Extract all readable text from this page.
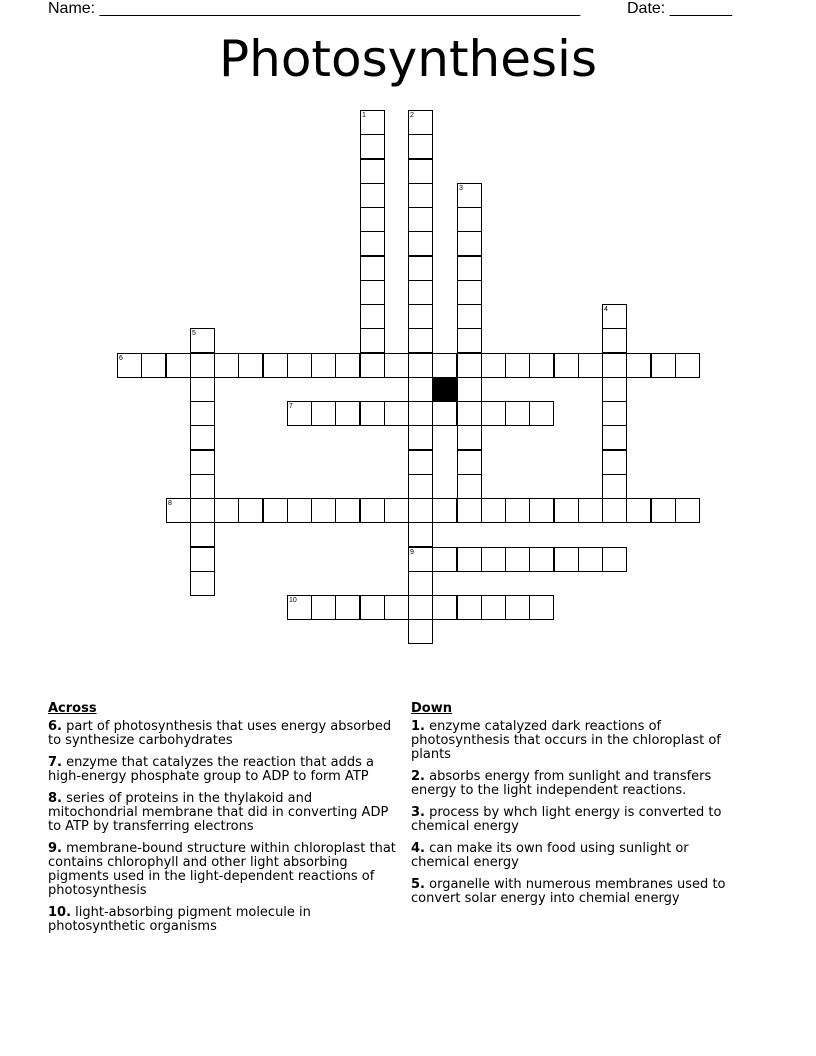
Name: ______________________________________________________	Date: _______
Photosynthesis
1	2
3
4
5
6
7
8
9
10
Across
6. part of photosynthesis that uses energy absorbed to synthesize carbohydrates
7. enzyme that catalyzes the reaction that adds a high-energy phosphate group to ADP to form ATP
8. series of proteins in the thylakoid and mitochondrial membrane that did in converting ADP to ATP by transferring electrons
9. membrane-bound structure within chloroplast that contains chlorophyll and other light absorbing pigments used in the light-dependent reactions of photosynthesis
10. light-absorbing pigment molecule in photosynthetic organisms
Down
1. enzyme catalyzed dark reactions of photosynthesis that occurs in the chloroplast of plants
2. absorbs energy from sunlight and transfers energy to the light independent reactions.
3. process by whch light energy is converted to chemical energy
4. can make its own food using sunlight or chemical energy
5. organelle with numerous membranes used to convert solar energy into chemial energy
